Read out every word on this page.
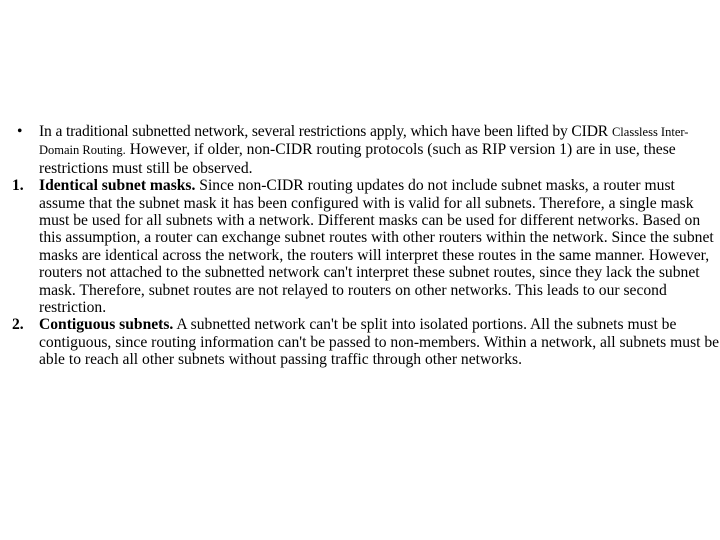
•	In a traditional subnetted network, several restrictions apply, which have been lifted by CIDR Classless Inter-Domain Routing. However, if older, non-CIDR routing protocols (such as RIP version 1) are in use, these restrictions must still be observed.

1. Identical subnet masks. Since non-CIDR routing updates do not include subnet masks, a router must assume that the subnet mask it has been configured with is valid for all subnets. Therefore, a single mask must be used for all subnets with a network. Different masks can be used for different networks. Based on this assumption, a router can exchange subnet routes with other routers within the network. Since the subnet masks are identical across the network, the routers will interpret these routes in the same manner. However, routers not attached to the subnetted network can't interpret these subnet routes, since they lack the subnet mask. Therefore, subnet routes are not relayed to routers on other networks. This leads to our second restriction.

2. Contiguous subnets. A subnetted network can't be split into isolated portions. All the subnets must be contiguous, since routing information can't be passed to non-members. Within a network, all subnets must be able to reach all other subnets without passing traffic through other networks.
